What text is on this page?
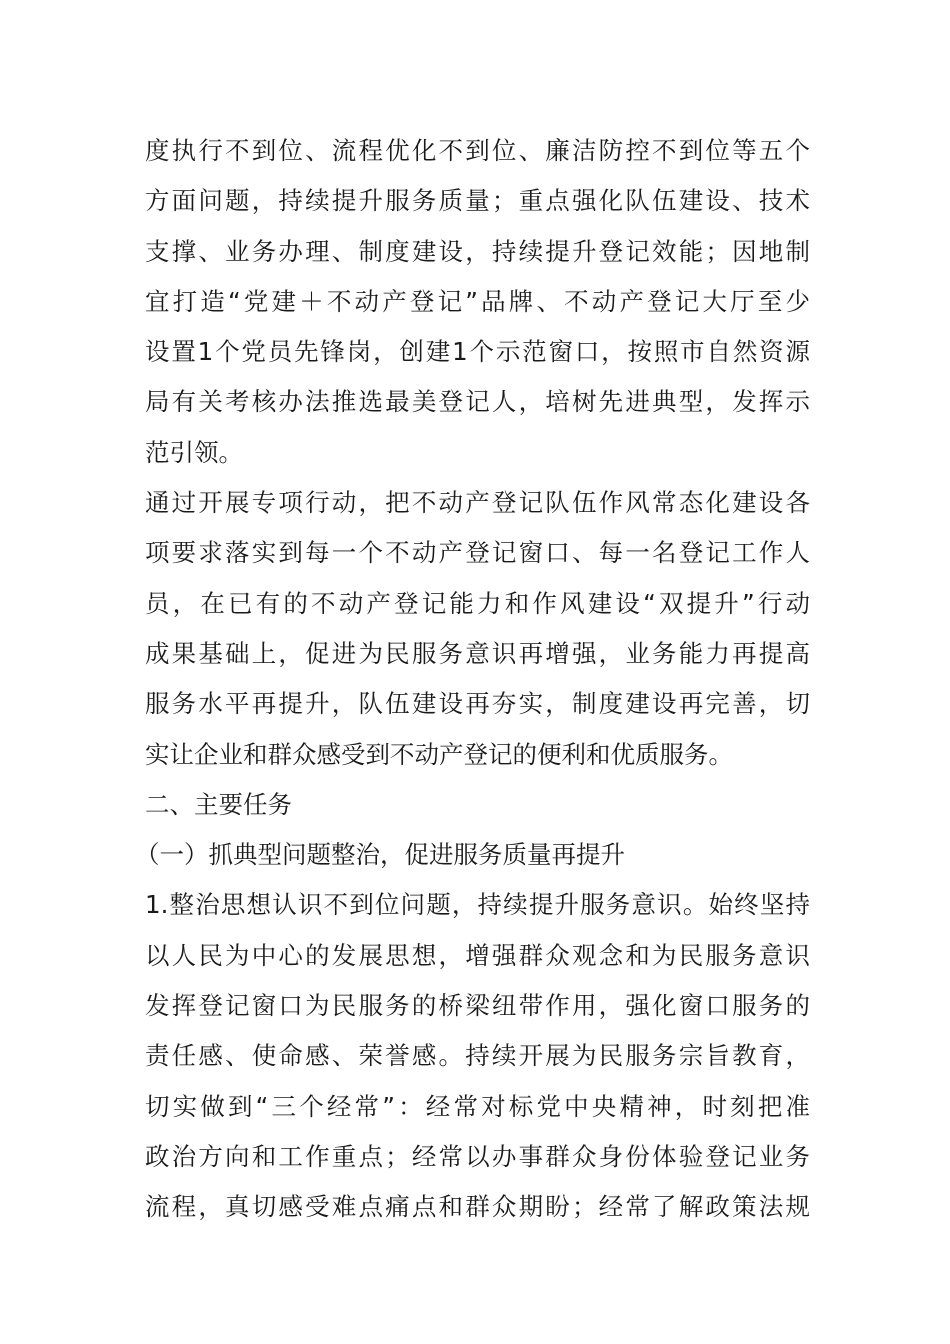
度执行不到位、流程优化不到位、廉洁防控不到位等五个
方面问题，持续提升服务质量；重点强化队伍建设、技术
支撑、业务办理、制度建设，持续提升登记效能；因地制
宜打造“党建＋不动产登记”品牌、不动产登记大厅至少
设置1个党员先锋岗，创建1个示范窗口，按照市自然资源
局有关考核办法推选最美登记人，培树先进典型，发挥示
范引领。
通过开展专项行动，把不动产登记队伍作风常态化建设各
项要求落实到每一个不动产登记窗口、每一名登记工作人
员，在已有的不动产登记能力和作风建设“双提升”行动
成果基础上，促进为民服务意识再增强，业务能力再提高
服务水平再提升，队伍建设再夯实，制度建设再完善，切
实让企业和群众感受到不动产登记的便利和优质服务。
二、主要任务
（一）抓典型问题整治，促进服务质量再提升
1.整治思想认识不到位问题，持续提升服务意识。始终坚持
以人民为中心的发展思想，增强群众观念和为民服务意识
发挥登记窗口为民服务的桥梁纽带作用，强化窗口服务的
责任感、使命感、荣誉感。持续开展为民服务宗旨教育，
切实做到“三个经常”：经常对标党中央精神，时刻把准
政治方向和工作重点；经常以办事群众身份体验登记业务
流程，真切感受难点痛点和群众期盼；经常了解政策法规
